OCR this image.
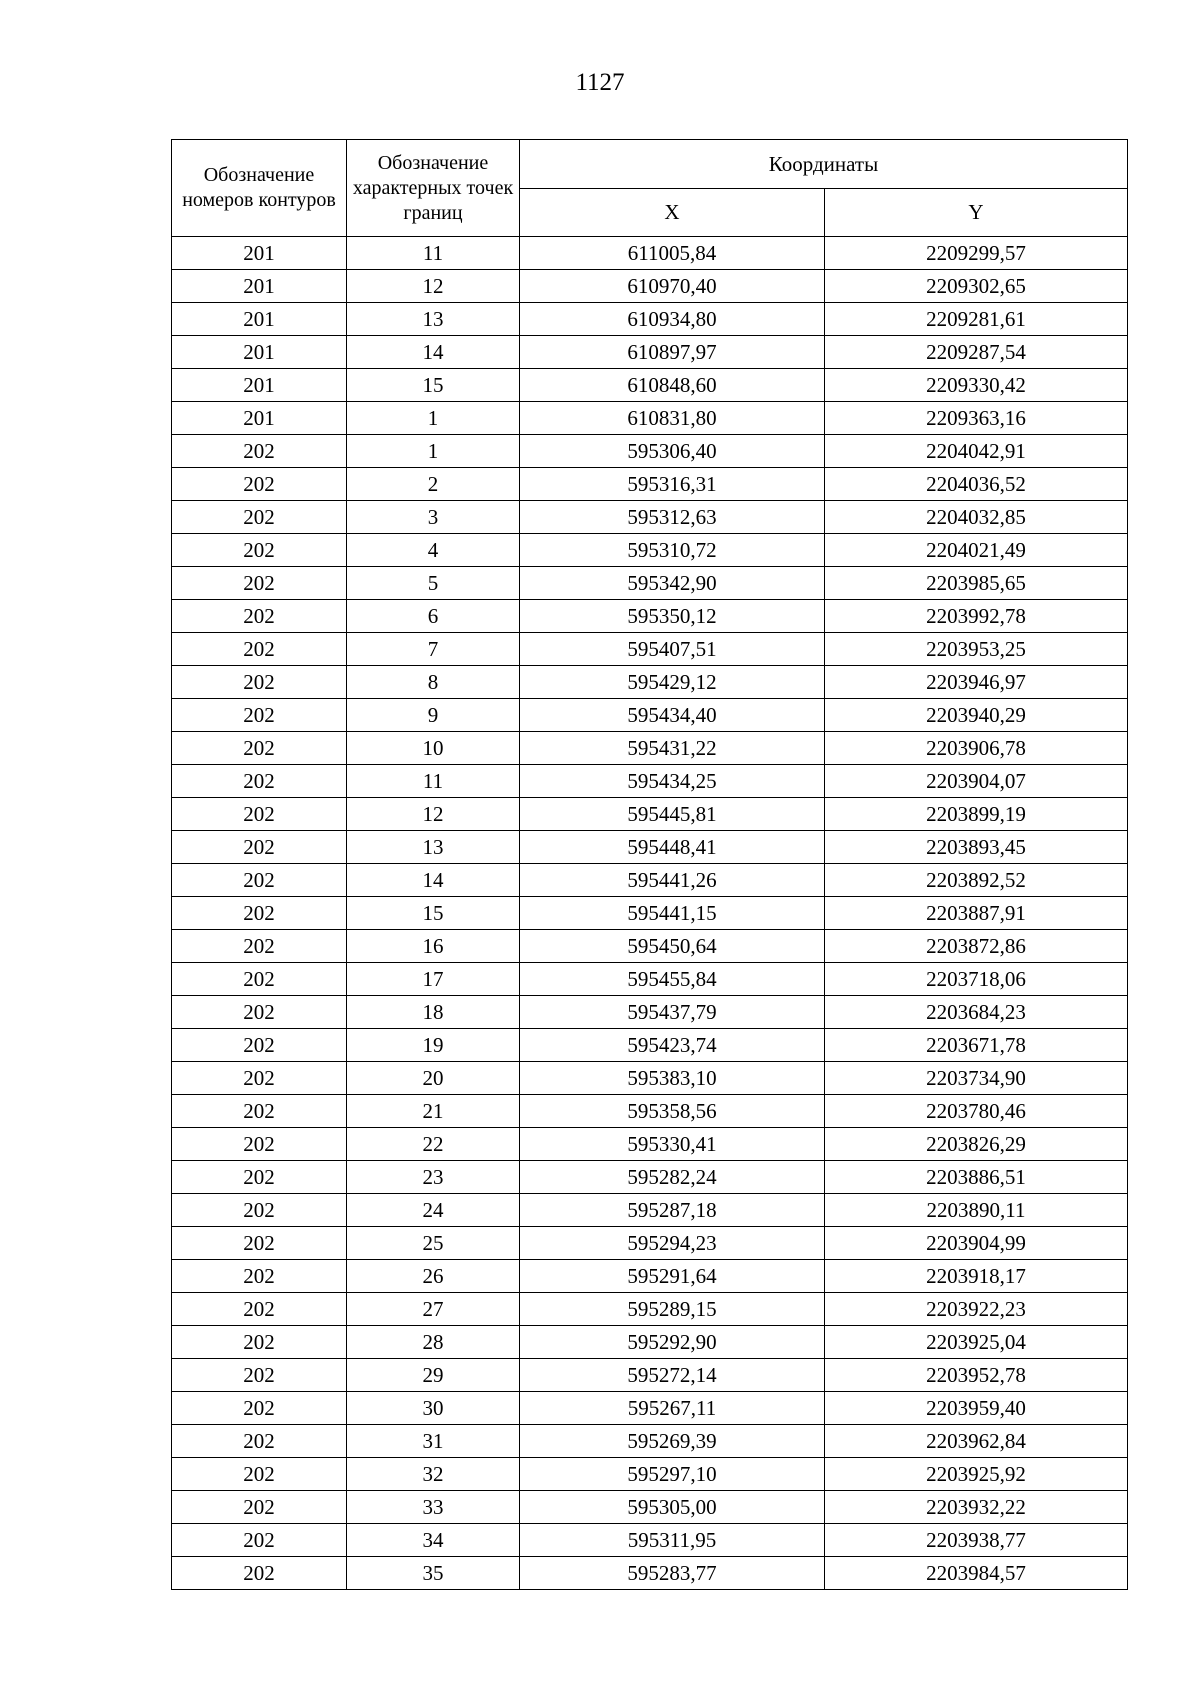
1127
Обозначение номеров контуров	Обозначение характерных точек границ	Координаты	
		X	Y
201	11	611005,84	2209299,57
201	12	610970,40	2209302,65
201	13	610934,80	2209281,61
201	14	610897,97	2209287,54
201	15	610848,60	2209330,42
201	1	610831,80	2209363,16
202	1	595306,40	2204042,91
202	2	595316,31	2204036,52
202	3	595312,63	2204032,85
202	4	595310,72	2204021,49
202	5	595342,90	2203985,65
202	6	595350,12	2203992,78
202	7	595407,51	2203953,25
202	8	595429,12	2203946,97
202	9	595434,40	2203940,29
202	10	595431,22	2203906,78
202	11	595434,25	2203904,07
202	12	595445,81	2203899,19
202	13	595448,41	2203893,45
202	14	595441,26	2203892,52
202	15	595441,15	2203887,91
202	16	595450,64	2203872,86
202	17	595455,84	2203718,06
202	18	595437,79	2203684,23
202	19	595423,74	2203671,78
202	20	595383,10	2203734,90
202	21	595358,56	2203780,46
202	22	595330,41	2203826,29
202	23	595282,24	2203886,51
202	24	595287,18	2203890,11
202	25	595294,23	2203904,99
202	26	595291,64	2203918,17
202	27	595289,15	2203922,23
202	28	595292,90	2203925,04
202	29	595272,14	2203952,78
202	30	595267,11	2203959,40
202	31	595269,39	2203962,84
202	32	595297,10	2203925,92
202	33	595305,00	2203932,22
202	34	595311,95	2203938,77
202	35	595283,77	2203984,57
